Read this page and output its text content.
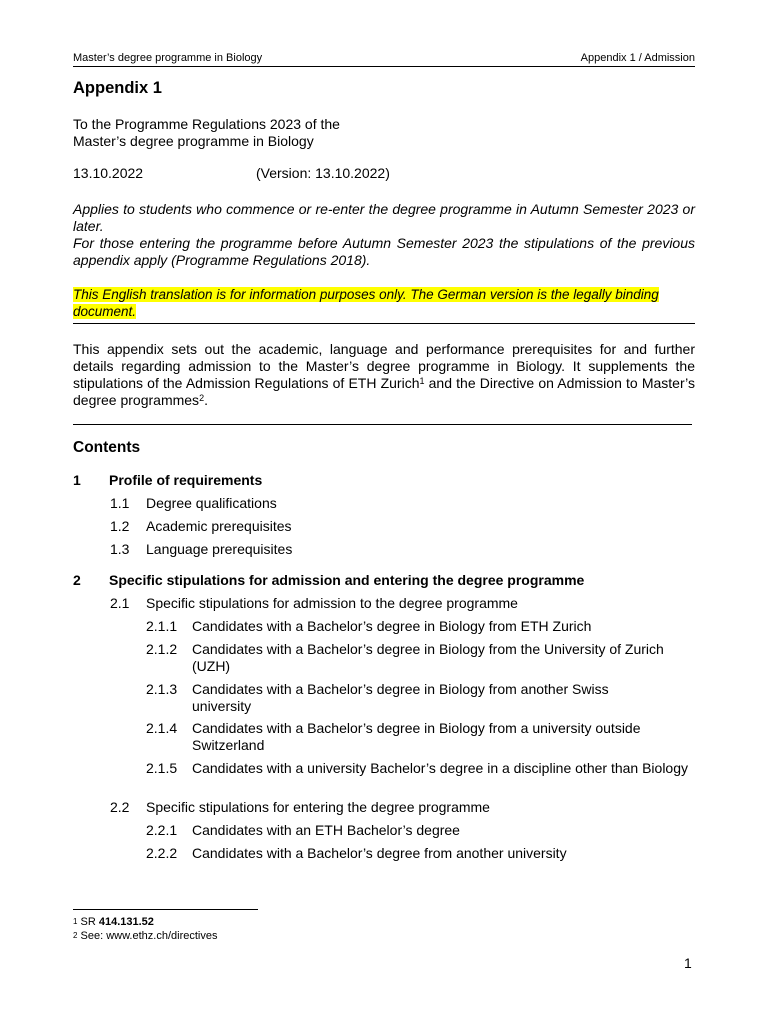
Master’s degree programme in Biology	Appendix 1 / Admission
Appendix 1
To the Programme Regulations 2023 of the
Master’s degree programme in Biology
13.10.2022	(Version: 13.10.2022)
Applies to students who commence or re-enter the degree programme in Autumn Semester 2023 or later.
For those entering the programme before Autumn Semester 2023 the stipulations of the previous appendix apply (Programme Regulations 2018).
This English translation is for information purposes only. The German version is the legally binding document.
This appendix sets out the academic, language and performance prerequisites for and further details regarding admission to the Master’s degree programme in Biology. It supplements the stipulations of the Admission Regulations of ETH Zurich$^1$ and the Directive on Admission to Master’s degree programmes$^2$.
Contents
1 Profile of requirements
1.1 Degree qualifications
1.2 Academic prerequisites
1.3 Language prerequisites
2 Specific stipulations for admission and entering the degree programme
2.1 Specific stipulations for admission to the degree programme
2.1.1 Candidates with a Bachelor’s degree in Biology from ETH Zurich
2.1.2 Candidates with a Bachelor’s degree in Biology from the University of Zurich (UZH)
2.1.3 Candidates with a Bachelor’s degree in Biology from another Swiss university
2.1.4 Candidates with a Bachelor’s degree in Biology from a university outside Switzerland
2.1.5 Candidates with a university Bachelor’s degree in a discipline other than Biology
2.2 Specific stipulations for entering the degree programme
2.2.1 Candidates with an ETH Bachelor’s degree
2.2.2 Candidates with a Bachelor’s degree from another university
$^1$ SR 414.131.52
$^2$ See: www.ethz.ch/directives
1
